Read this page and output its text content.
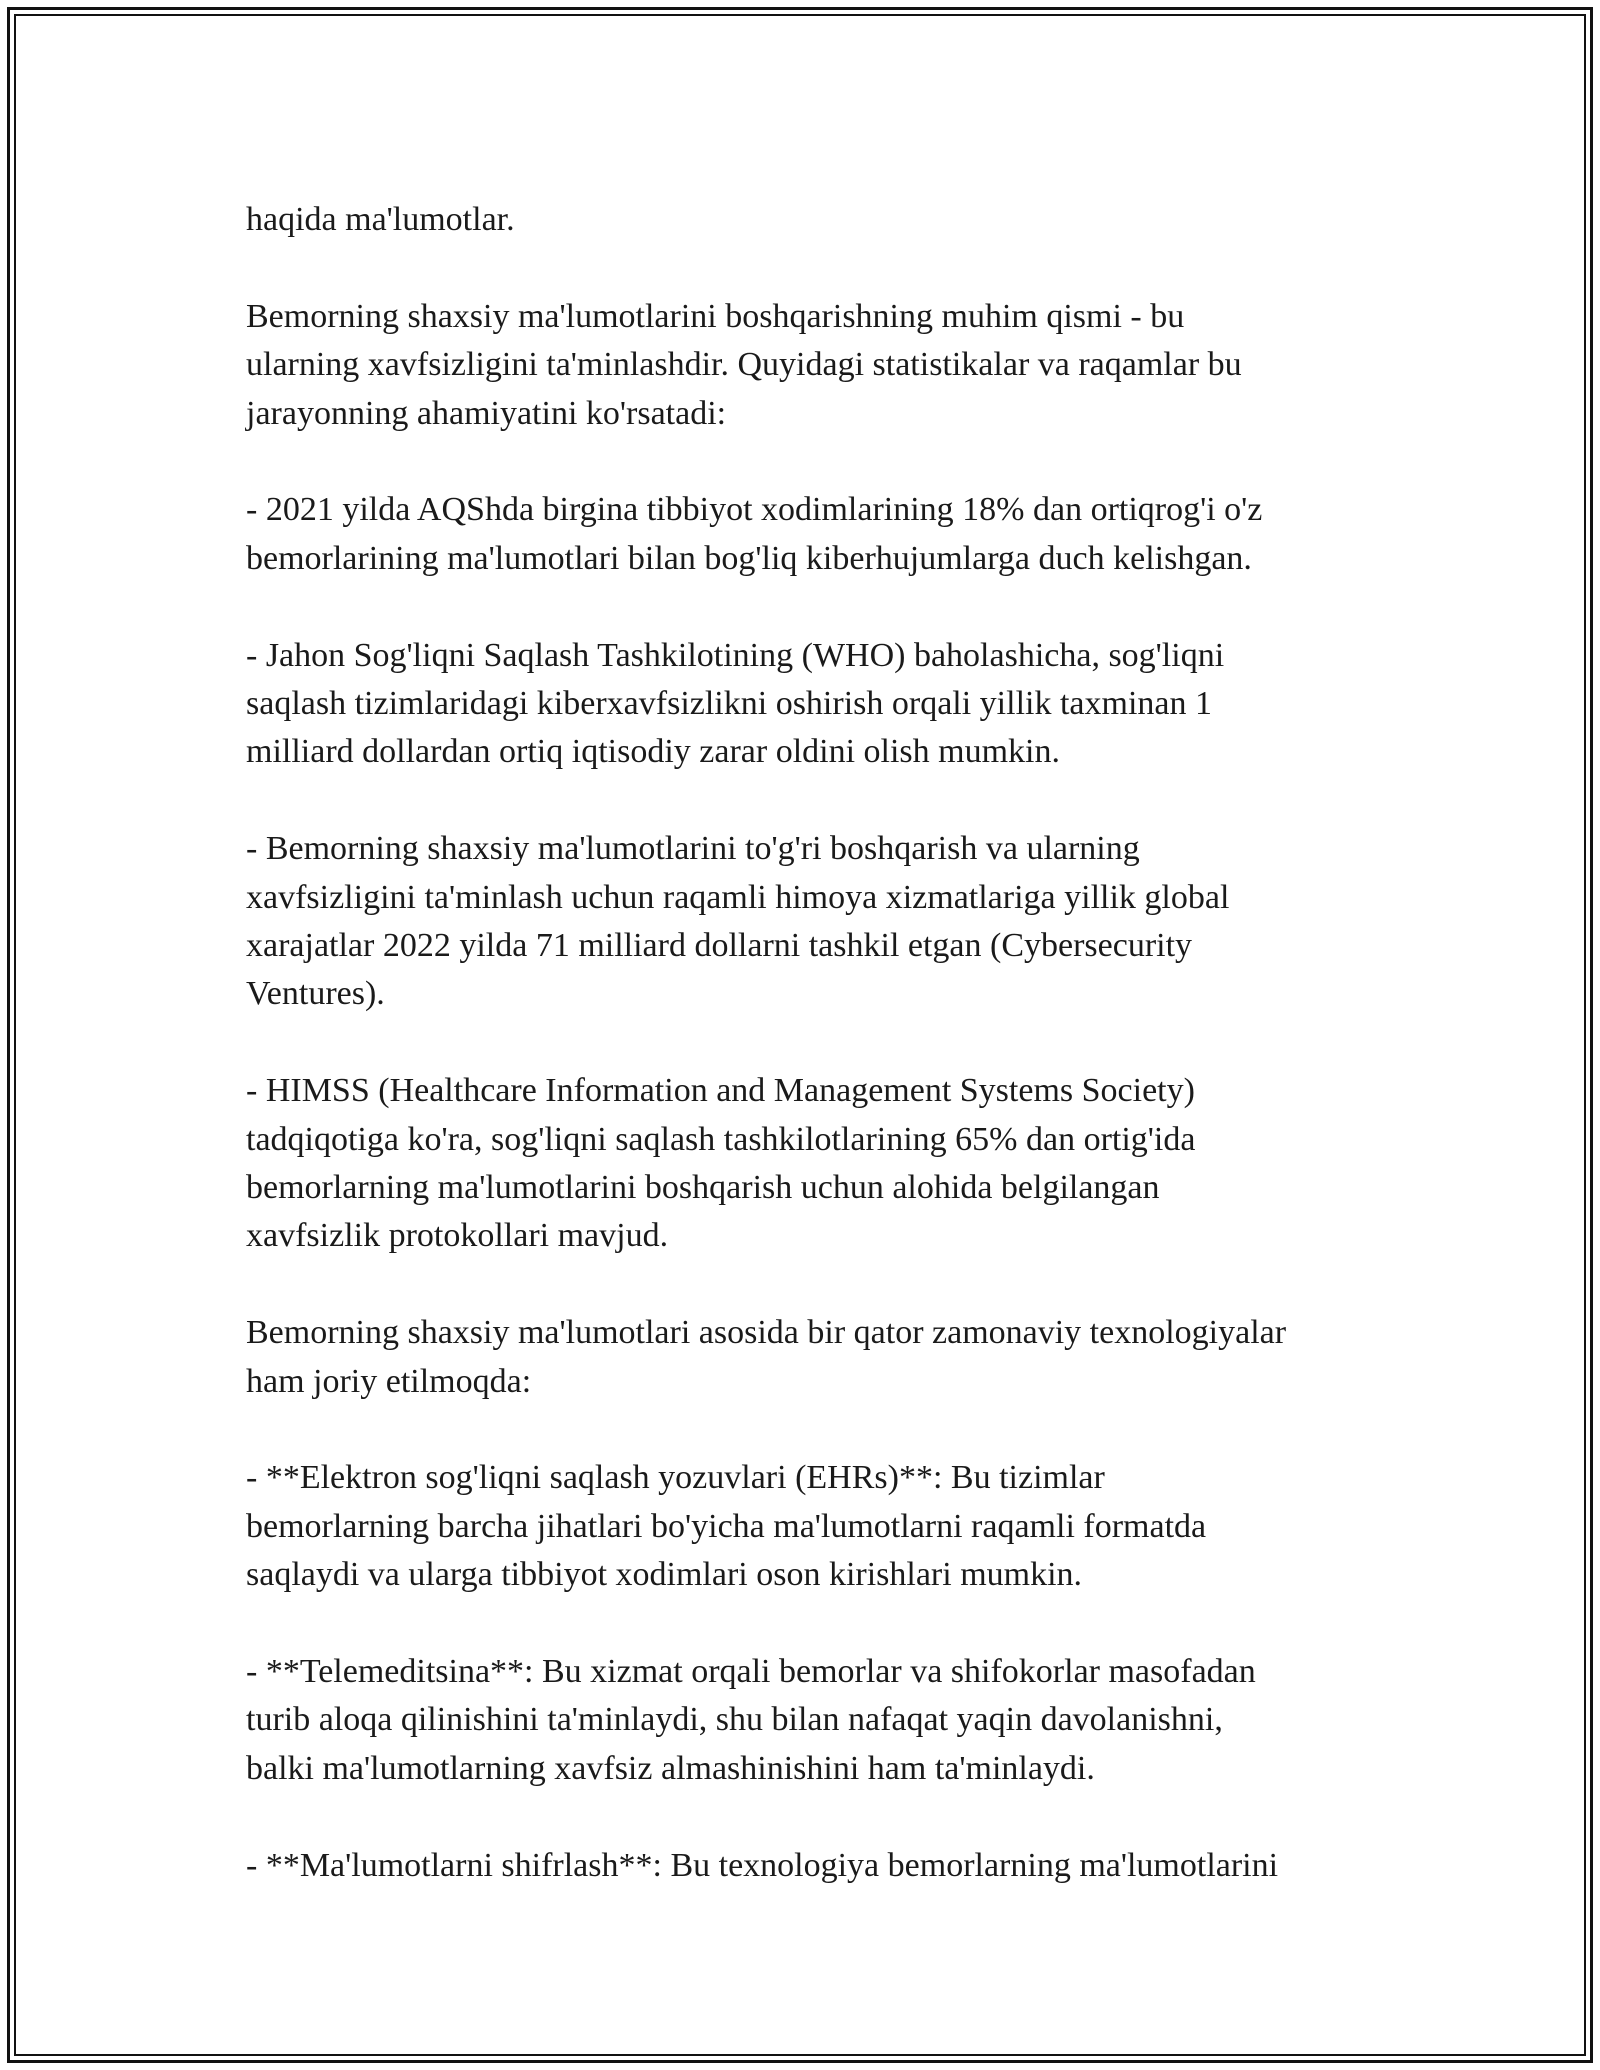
haqida ma'lumotlar.

Bemorning shaxsiy ma'lumotlarini boshqarishning muhim qismi - bu
ularning xavfsizligini ta'minlashdir. Quyidagi statistikalar va raqamlar bu
jarayonning ahamiyatini ko'rsatadi:

- 2021 yilda AQShda birgina tibbiyot xodimlarining 18% dan ortiqrog'i o'z
bemorlarining ma'lumotlari bilan bog'liq kiberhujumlarga duch kelishgan.

- Jahon Sog'liqni Saqlash Tashkilotining (WHO) baholashicha, sog'liqni
saqlash tizimlaridagi kiberxavfsizlikni oshirish orqali yillik taxminan 1
milliard dollardan ortiq iqtisodiy zarar oldini olish mumkin.

- Bemorning shaxsiy ma'lumotlarini to'g'ri boshqarish va ularning
xavfsizligini ta'minlash uchun raqamli himoya xizmatlariga yillik global
xarajatlar 2022 yilda 71 milliard dollarni tashkil etgan (Cybersecurity
Ventures).

- HIMSS (Healthcare Information and Management Systems Society)
tadqiqotiga ko'ra, sog'liqni saqlash tashkilotlarining 65% dan ortig'ida
bemorlarning ma'lumotlarini boshqarish uchun alohida belgilangan
xavfsizlik protokollari mavjud.

Bemorning shaxsiy ma'lumotlari asosida bir qator zamonaviy texnologiyalar
ham joriy etilmoqda:

- **Elektron sog'liqni saqlash yozuvlari (EHRs)**: Bu tizimlar
bemorlarning barcha jihatlari bo'yicha ma'lumotlarni raqamli formatda
saqlaydi va ularga tibbiyot xodimlari oson kirishlari mumkin.

- **Telemeditsina**: Bu xizmat orqali bemorlar va shifokorlar masofadan
turib aloqa qilinishini ta'minlaydi, shu bilan nafaqat yaqin davolanishni,
balki ma'lumotlarning xavfsiz almashinishini ham ta'minlaydi.

- **Ma'lumotlarni shifrlash**: Bu texnologiya bemorlarning ma'lumotlarini
